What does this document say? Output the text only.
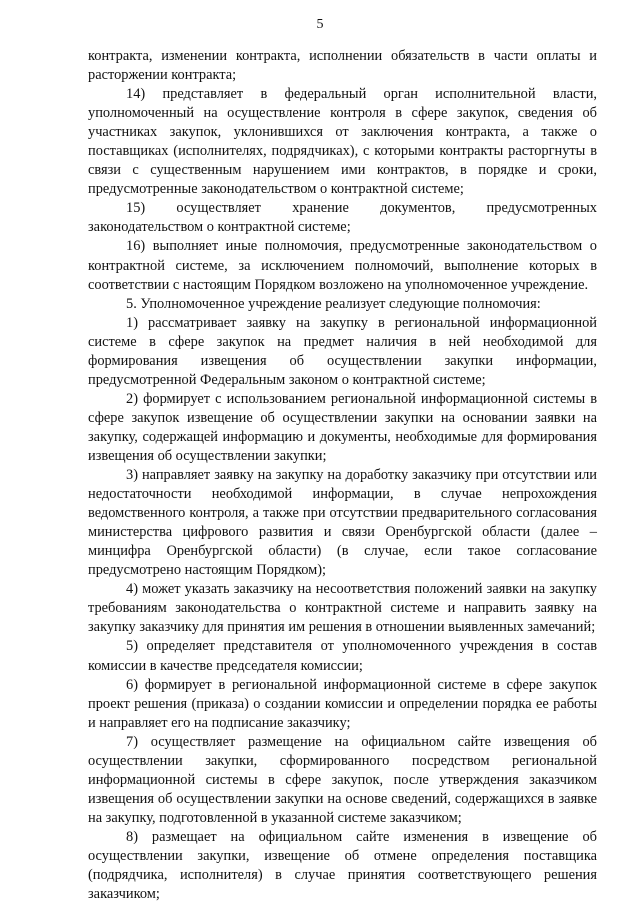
5

контракта, изменении контракта, исполнении обязательств в части оплаты и расторжении контракта;

14) представляет в федеральный орган исполнительной власти, уполномоченный на осуществление контроля в сфере закупок, сведения об участниках закупок, уклонившихся от заключения контракта, а также о поставщиках (исполнителях, подрядчиках), с которыми контракты расторгнуты в связи с существенным нарушением ими контрактов, в порядке и сроки, предусмотренные законодательством о контрактной системе;

15) осуществляет хранение документов, предусмотренных законодательством о контрактной системе;

16) выполняет иные полномочия, предусмотренные законодательством о контрактной системе, за исключением полномочий, выполнение которых в соответствии с настоящим Порядком возложено на уполномоченное учреждение.

5. Уполномоченное учреждение реализует следующие полномочия:

1) рассматривает заявку на закупку в региональной информационной системе в сфере закупок на предмет наличия в ней необходимой для формирования извещения об осуществлении закупки информации, предусмотренной Федеральным законом о контрактной системе;

2) формирует с использованием региональной информационной системы в сфере закупок извещение об осуществлении закупки на основании заявки на закупку, содержащей информацию и документы, необходимые для формирования извещения об осуществлении закупки;

3) направляет заявку на закупку на доработку заказчику при отсутствии или недостаточности необходимой информации, в случае непрохождения ведомственного контроля, а также при отсутствии предварительного согласования министерства цифрового развития и связи Оренбургской области (далее – минцифра Оренбургской области) (в случае, если такое согласование предусмотрено настоящим Порядком);

4) может указать заказчику на несоответствия положений заявки на закупку требованиям законодательства о контрактной системе и направить заявку на закупку заказчику для принятия им решения в отношении выявленных замечаний;

5) определяет представителя от уполномоченного учреждения в состав комиссии в качестве председателя комиссии;

6) формирует в региональной информационной системе в сфере закупок проект решения (приказа) о создании комиссии и определении порядка ее работы и направляет его на подписание заказчику;

7) осуществляет размещение на официальном сайте извещения об осуществлении закупки, сформированного посредством региональной информационной системы в сфере закупок, после утверждения заказчиком извещения об осуществлении закупки на основе сведений, содержащихся в заявке на закупку, подготовленной в указанной системе заказчиком;

8) размещает на официальном сайте изменения в извещение об осуществлении закупки, извещение об отмене определения поставщика (подрядчика, исполнителя) в случае принятия соответствующего решения заказчиком;
